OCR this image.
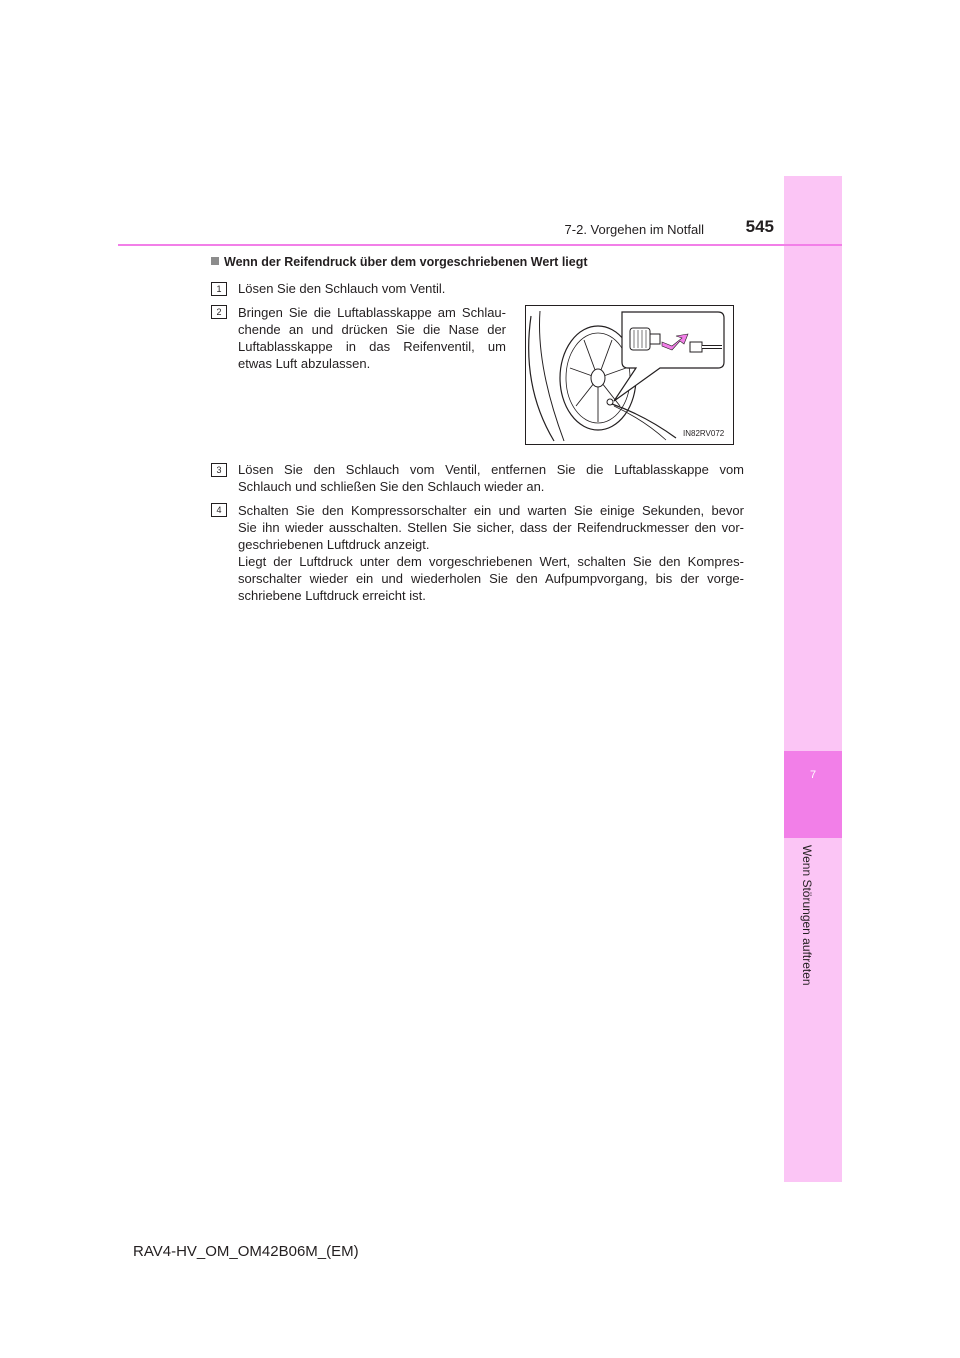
7
Wenn Störungen auftreten
7-2. Vorgehen im Notfall	545
Wenn der Reifendruck über dem vorgeschriebenen Wert liegt
1	Lösen Sie den Schlauch vom Ventil.
2	Bringen Sie die Luftablasskappe am Schlau-
chende an und drücken Sie die Nase der
Luftablasskappe in das Reifenventil, um
etwas Luft abzulassen.
IN82RV072
3	Lösen Sie den Schlauch vom Ventil, entfernen Sie die Luftablasskappe vom
Schlauch und schließen Sie den Schlauch wieder an.
4	Schalten Sie den Kompressorschalter ein und warten Sie einige Sekunden, bevor
Sie ihn wieder ausschalten. Stellen Sie sicher, dass der Reifendruckmesser den vor-
geschriebenen Luftdruck anzeigt.
Liegt der Luftdruck unter dem vorgeschriebenen Wert, schalten Sie den Kompres-
sorschalter wieder ein und wiederholen Sie den Aufpumpvorgang, bis der vorge-
schriebene Luftdruck erreicht ist.
RAV4-HV_OM_OM42B06M_(EM)
